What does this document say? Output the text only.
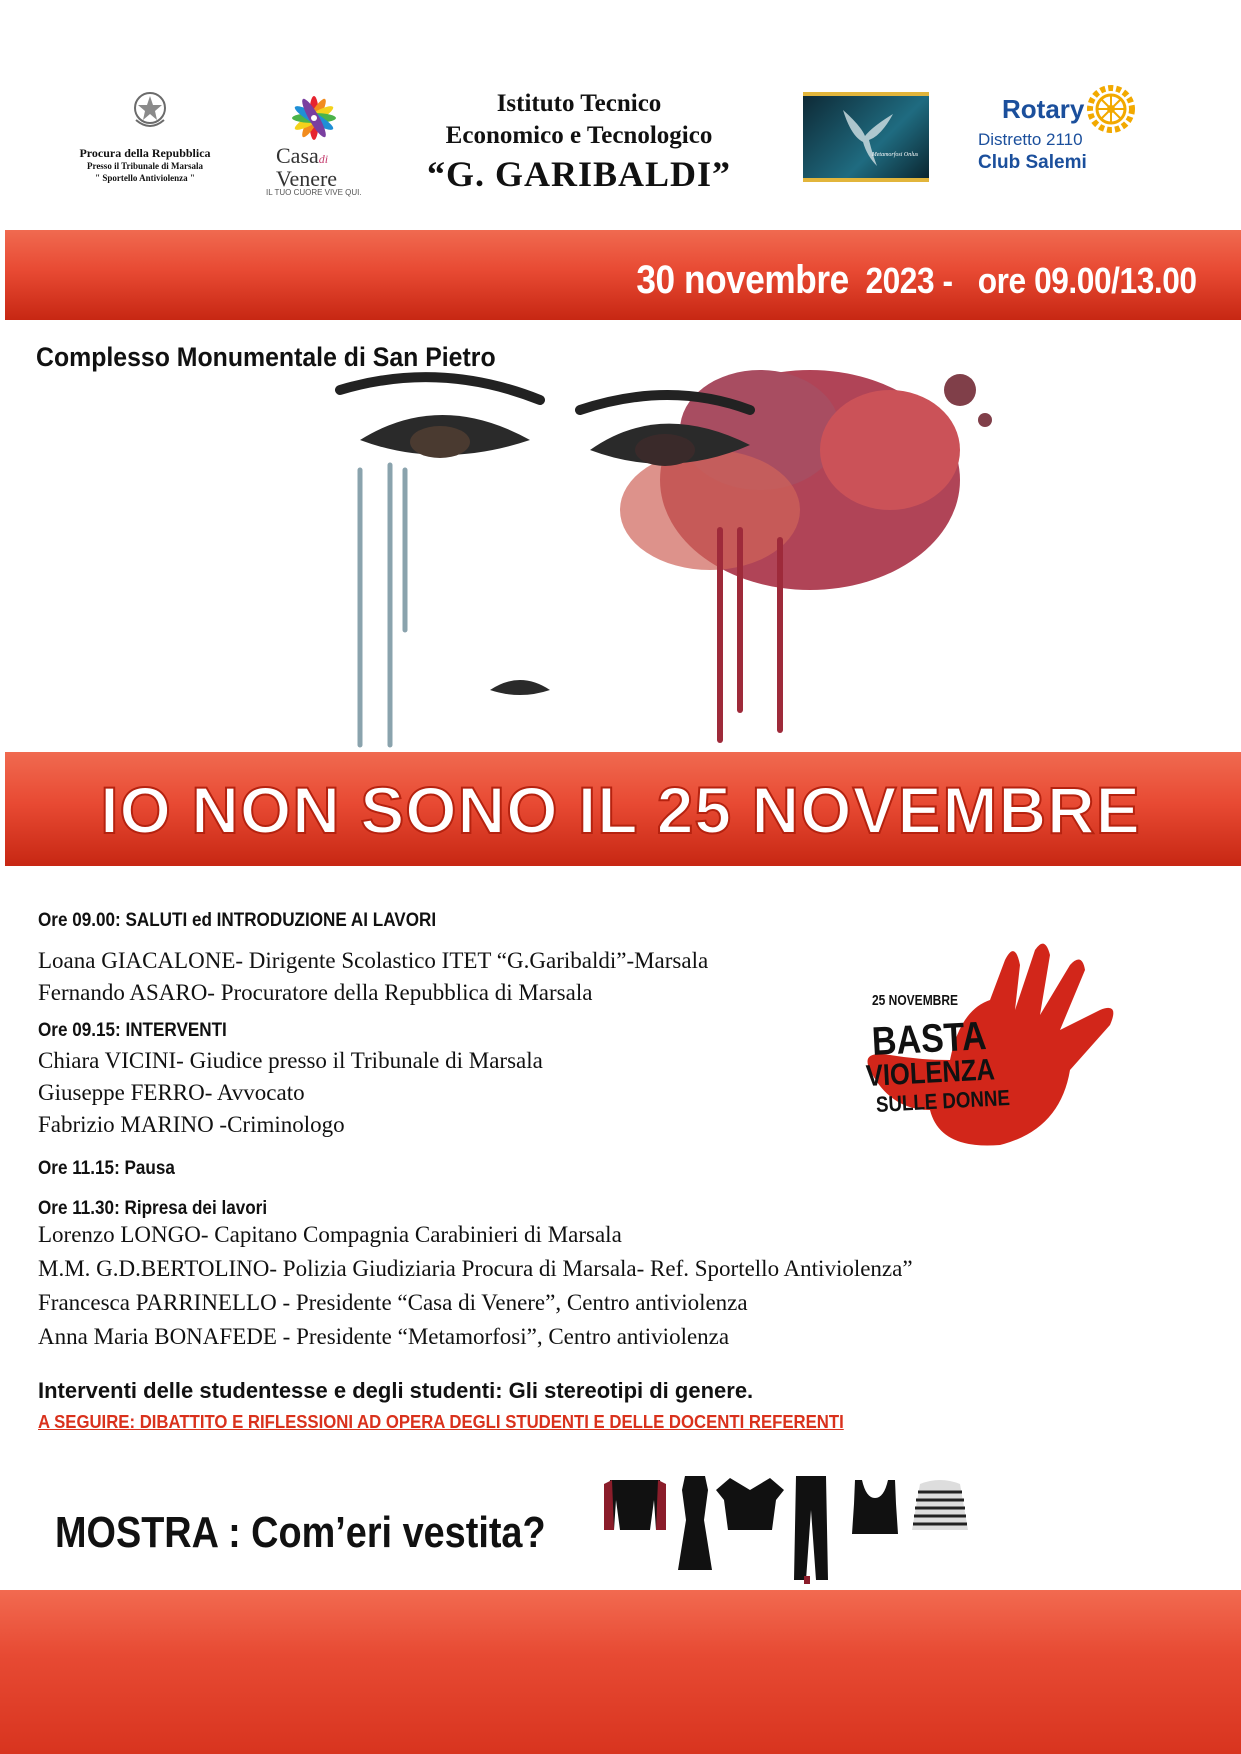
Procura della Repubblica
Presso il Tribunale di Marsala
" Sportello Antiviolenza "
Casadi
Venere
IL TUO CUORE VIVE QUI.
Istituto Tecnico
Economico e Tecnologico
“G. GARIBALDI”	Metamorfosi Onlus
Rotary
Distretto 2110
Club Salemi
30 novembre 2023 - ore 09.00/13.00
Complesso Monumentale di San Pietro
IO NON SONO IL 25 NOVEMBRE
Ore 09.00: SALUTI ed INTRODUZIONE AI LAVORI
Loana GIACALONE- Dirigente Scolastico ITET “G.Garibaldi”-Marsala
Fernando ASARO- Procuratore della Repubblica di Marsala
Ore 09.15: INTERVENTI
Chiara VICINI- Giudice presso il Tribunale di Marsala
Giuseppe FERRO- Avvocato
Fabrizio MARINO -Criminologo
Ore 11.15: Pausa
Ore 11.30: Ripresa dei lavori
Lorenzo LONGO- Capitano Compagnia Carabinieri di Marsala
M.M. G.D.BERTOLINO- Polizia Giudiziaria Procura di Marsala- Ref. Sportello Antiviolenza”
Francesca PARRINELLO - Presidente “Casa di Venere”, Centro antiviolenza
Anna Maria BONAFEDE - Presidente “Metamorfosi”, Centro antiviolenza
25 NOVEMBRE
BASTA
VIOLENZA
SULLE DONNE
Interventi delle studentesse e degli studenti: Gli stereotipi di genere.
A SEGUIRE: DIBATTITO E RIFLESSIONI AD OPERA DEGLI STUDENTI E DELLE DOCENTI REFERENTI
MOSTRA : Com’eri vestita?
